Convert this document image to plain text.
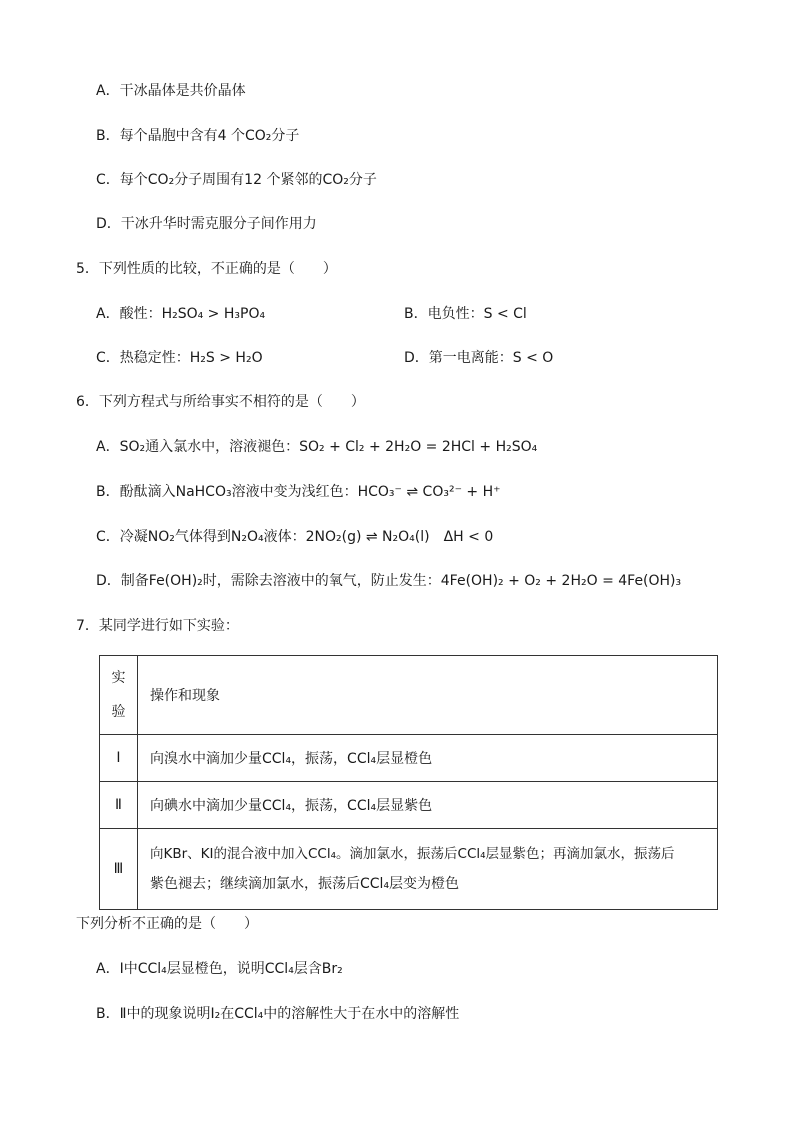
A．干冰晶体是共价晶体
B．每个晶胞中含有4 个CO₂分子
C．每个CO₂分子周围有12 个紧邻的CO₂分子
D．干冰升华时需克服分子间作用力
5．下列性质的比较，不正确的是（　　）
A．酸性：H₂SO₄ > H₃PO₄	B．电负性：S < Cl
C．热稳定性：H₂S > H₂O	D．第一电离能：S < O
6．下列方程式与所给事实不相符的是（　　）
A．SO₂通入氯水中，溶液褪色：SO₂ + Cl₂ + 2H₂O = 2HCl + H₂SO₄
B．酚酞滴入NaHCO₃溶液中变为浅红色：HCO₃⁻ ⇌ CO₃²⁻ + H⁺
C．冷凝NO₂气体得到N₂O₄液体：2NO₂(g) ⇌ N₂O₄(l)　ΔH < 0
D．制备Fe(OH)₂时，需除去溶液中的氧气，防止发生：4Fe(OH)₂ + O₂ + 2H₂O = 4Fe(OH)₃
7．某同学进行如下实验：
实
验	操作和现象
Ⅰ	向溴水中滴加少量CCl₄，振荡，CCl₄层显橙色
Ⅱ	向碘水中滴加少量CCl₄，振荡，CCl₄层显紫色
Ⅲ	向KBr、KI的混合液中加入CCl₄。滴加氯水，振荡后CCl₄层显紫色；再滴加氯水，振荡后
紫色褪去；继续滴加氯水，振荡后CCl₄层变为橙色
下列分析不正确的是（　　）
A．Ⅰ中CCl₄层显橙色，说明CCl₄层含Br₂
B．Ⅱ中的现象说明I₂在CCl₄中的溶解性大于在水中的溶解性
